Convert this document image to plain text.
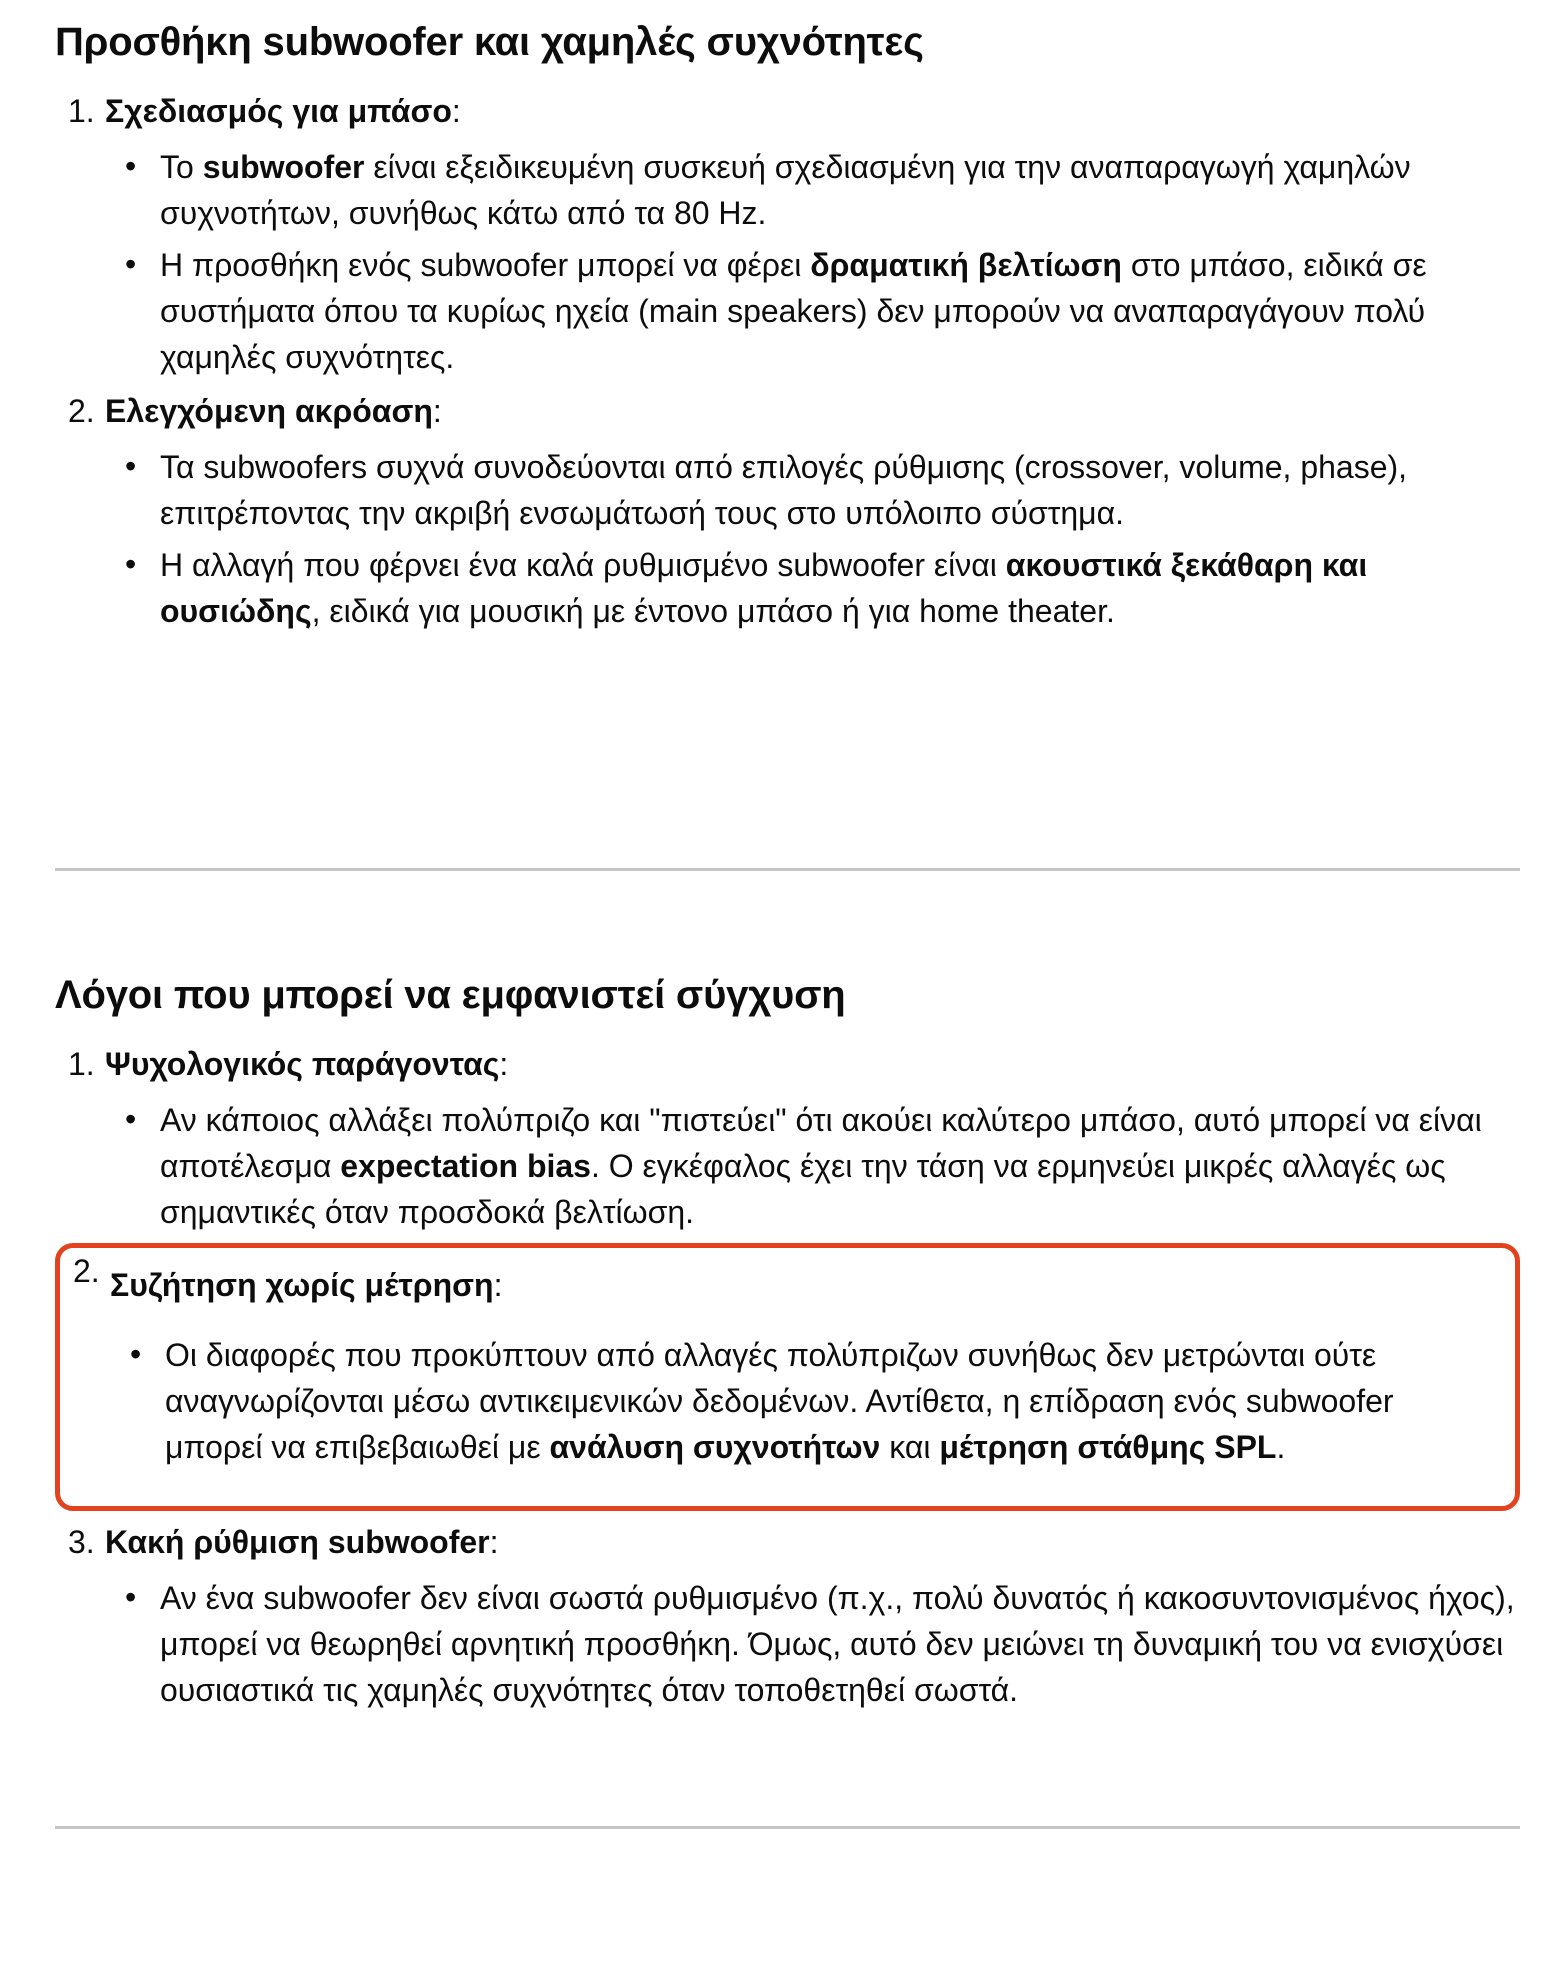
Προσθήκη subwoofer και χαμηλές συχνότητες

1. Σχεδιασμός για μπάσο:

• Το subwoofer είναι εξειδικευμένη συσκευή σχεδιασμένη για την αναπαραγωγή χαμηλών συχνοτήτων, συνήθως κάτω από τα 80 Hz.
• Η προσθήκη ενός subwoofer μπορεί να φέρει δραματική βελτίωση στο μπάσο, ειδικά σε συστήματα όπου τα κυρίως ηχεία (main speakers) δεν μπορούν να αναπαραγάγουν πολύ χαμηλές συχνότητες.

2. Ελεγχόμενη ακρόαση:

• Τα subwoofers συχνά συνοδεύονται από επιλογές ρύθμισης (crossover, volume, phase), επιτρέποντας την ακριβή ενσωμάτωσή τους στο υπόλοιπο σύστημα.
• Η αλλαγή που φέρνει ένα καλά ρυθμισμένο subwoofer είναι ακουστικά ξεκάθαρη και ουσιώδης, ειδικά για μουσική με έντονο μπάσο ή για home theater.
Λόγοι που μπορεί να εμφανιστεί σύγχυση

1. Ψυχολογικός παράγοντας:

• Αν κάποιος αλλάξει πολύπριζο και "πιστεύει" ότι ακούει καλύτερο μπάσο, αυτό μπορεί να είναι αποτέλεσμα expectation bias. Ο εγκέφαλος έχει την τάση να ερμηνεύει μικρές αλλαγές ως σημαντικές όταν προσδοκά βελτίωση.

2. Συζήτηση χωρίς μέτρηση:

• Οι διαφορές που προκύπτουν από αλλαγές πολύπριζων συνήθως δεν μετρώνται ούτε αναγνωρίζονται μέσω αντικειμενικών δεδομένων. Αντίθετα, η επίδραση ενός subwoofer μπορεί να επιβεβαιωθεί με ανάλυση συχνοτήτων και μέτρηση στάθμης SPL.

3. Κακή ρύθμιση subwoofer:

• Αν ένα subwoofer δεν είναι σωστά ρυθμισμένο (π.χ., πολύ δυνατός ή κακοσυντονισμένος ήχος), μπορεί να θεωρηθεί αρνητική προσθήκη. Όμως, αυτό δεν μειώνει τη δυναμική του να ενισχύσει ουσιαστικά τις χαμηλές συχνότητες όταν τοποθετηθεί σωστά.
